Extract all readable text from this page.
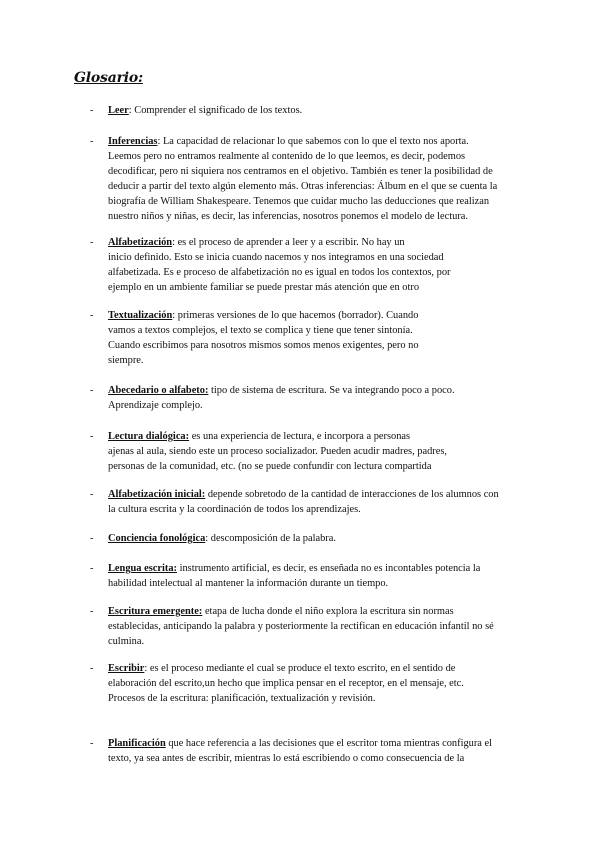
Glosario:
- Leer: Comprender el significado de los textos.
- Inferencias: La capacidad de relacionar lo que sabemos con lo que el texto nos aporta.
Leemos pero no entramos realmente al contenido de lo que leemos, es decir, podemos
decodificar, pero ni siquiera nos centramos en el objetivo. También es tener la posibilidad de
deducir a partir del texto algún elemento más. Otras inferencias: Álbum en el que se cuenta la
biografía de William Shakespeare. Tenemos que cuidar mucho las deducciones que realizan
nuestro niños y niñas, es decir, las inferencias, nosotros ponemos el modelo de lectura.
- Alfabetización: es el proceso de aprender a leer y a escribir. No hay un
inicio definido. Esto se inicia cuando nacemos y nos integramos en una sociedad
alfabetizada. Es e proceso de alfabetización no es igual en todos los contextos, por
ejemplo en un ambiente familiar se puede prestar más atención que en otro
- Textualización: primeras versiones de lo que hacemos (borrador). Cuando
vamos a textos complejos, el texto se complica y tiene que tener sintonía.
Cuando escribimos para nosotros mismos somos menos exigentes, pero no
siempre.
- Abecedario o alfabeto: tipo de sistema de escritura. Se va integrando poco a poco.
Aprendizaje complejo.
- Lectura dialógica: es una experiencia de lectura, e incorpora a personas
ajenas al aula, siendo este un proceso socializador. Pueden acudir madres, padres,
personas de la comunidad, etc. (no se puede confundir con lectura compartida
- Alfabetización inicial: depende sobretodo de la cantidad de interacciones de los alumnos con
la cultura escrita y la coordinación de todos los aprendizajes.
- Conciencia fonológica: descomposición de la palabra.
- Lengua escrita: instrumento artificial, es decir, es enseñada no es incontables potencia la
habilidad intelectual al mantener la información durante un tiempo.
- Escritura emergente: etapa de lucha donde el niño explora la escritura sin normas
establecidas, anticipando la palabra y posteriormente la rectifican en educación infantil no sé
culmina.
- Escribir: es el proceso mediante el cual se produce el texto escrito, en el sentido de
elaboración del escrito,un hecho que implica pensar en el receptor, en el mensaje, etc.
Procesos de la escritura: planificación, textualización y revisión.
- Planificación que hace referencia a las decisiones que el escritor toma mientras configura el
texto, ya sea antes de escribir, mientras lo está escribiendo o como consecuencia de la
